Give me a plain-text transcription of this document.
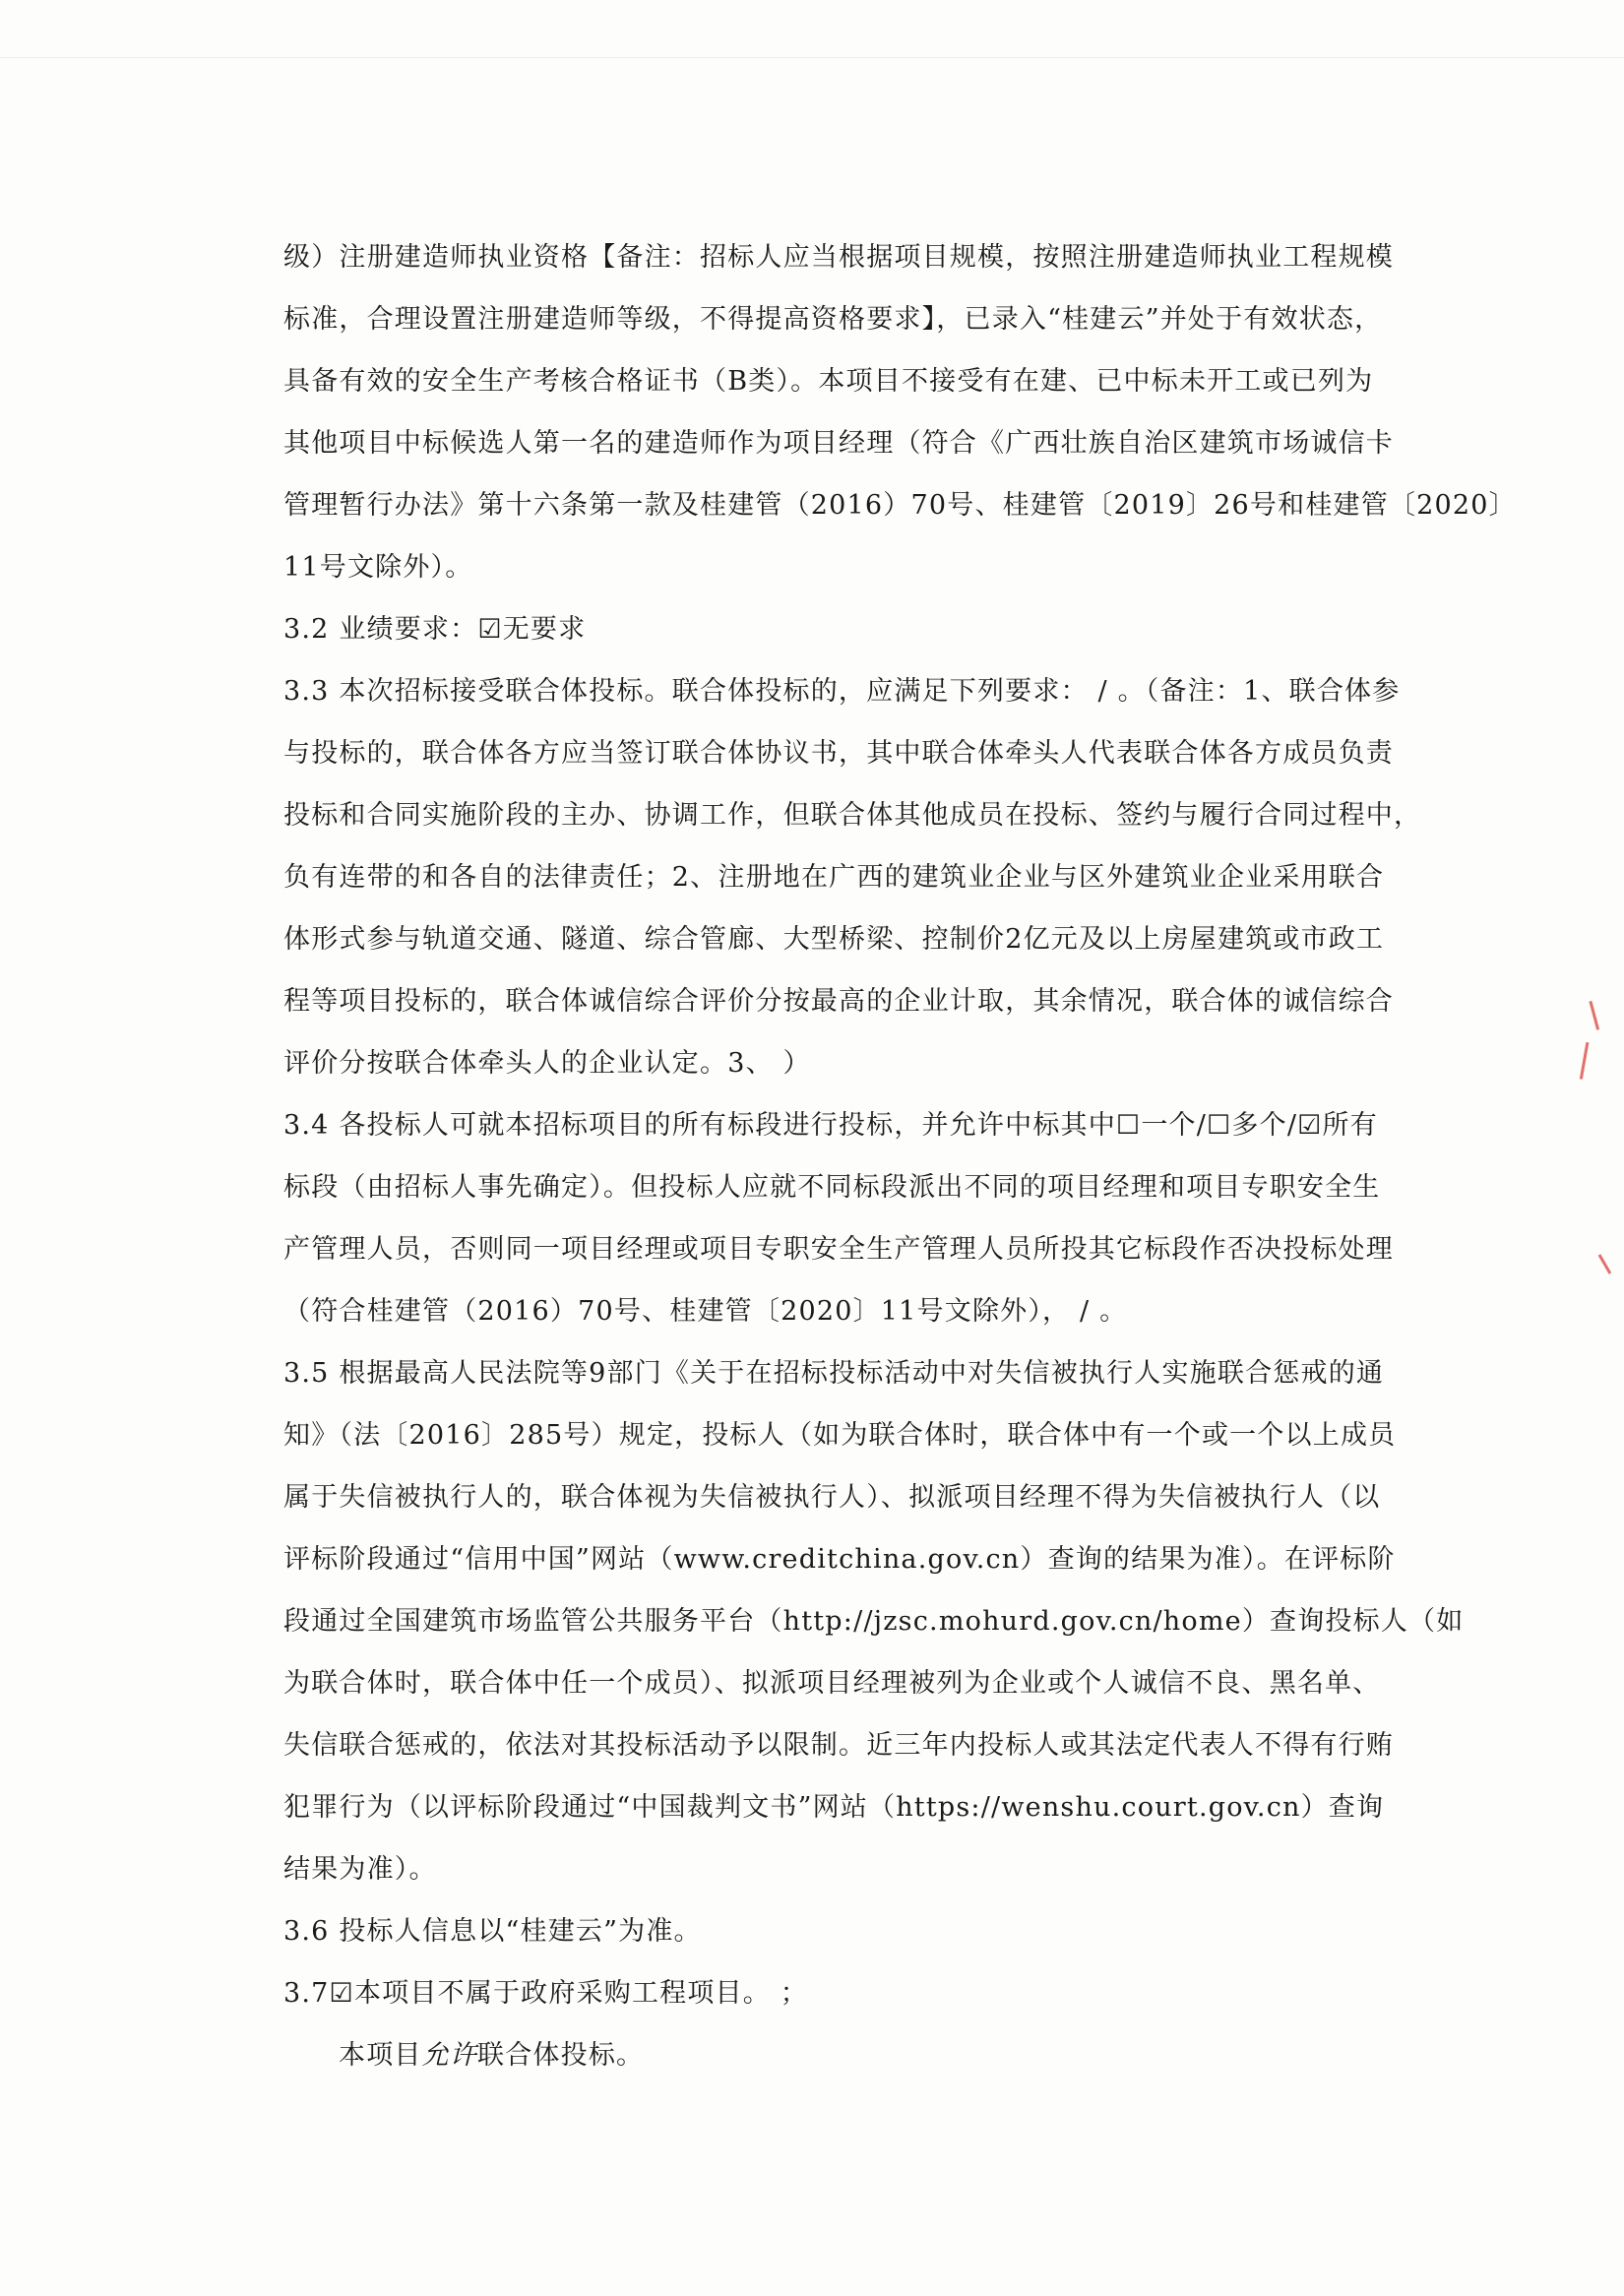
级）注册建造师执业资格【备注：招标人应当根据项目规模，按照注册建造师执业工程规模
标准，合理设置注册建造师等级，不得提高资格要求】，已录入“桂建云”并处于有效状态，
具备有效的安全生产考核合格证书（B类）。本项目不接受有在建、已中标未开工或已列为
其他项目中标候选人第一名的建造师作为项目经理（符合《广西壮族自治区建筑市场诚信卡
管理暂行办法》第十六条第一款及桂建管（2016）70号、桂建管〔2019〕26号和桂建管〔2020〕
11号文除外）。
3.2 业绩要求：☑无要求
3.3 本次招标接受联合体投标。联合体投标的，应满足下列要求： / 。（备注：1、联合体参
与投标的，联合体各方应当签订联合体协议书，其中联合体牵头人代表联合体各方成员负责
投标和合同实施阶段的主办、协调工作，但联合体其他成员在投标、签约与履行合同过程中，
负有连带的和各自的法律责任；2、注册地在广西的建筑业企业与区外建筑业企业采用联合
体形式参与轨道交通、隧道、综合管廊、大型桥梁、控制价2亿元及以上房屋建筑或市政工
程等项目投标的，联合体诚信综合评价分按最高的企业计取，其余情况，联合体的诚信综合
评价分按联合体牵头人的企业认定。3、 ）
3.4 各投标人可就本招标项目的所有标段进行投标，并允许中标其中☐一个/☐多个/☑所有
标段（由招标人事先确定）。但投标人应就不同标段派出不同的项目经理和项目专职安全生
产管理人员，否则同一项目经理或项目专职安全生产管理人员所投其它标段作否决投标处理
（符合桂建管（2016）70号、桂建管〔2020〕11号文除外）， / 。
3.5 根据最高人民法院等9部门《关于在招标投标活动中对失信被执行人实施联合惩戒的通
知》（法〔2016〕285号）规定，投标人（如为联合体时，联合体中有一个或一个以上成员
属于失信被执行人的，联合体视为失信被执行人）、拟派项目经理不得为失信被执行人（以
评标阶段通过“信用中国”网站（www.creditchina.gov.cn）查询的结果为准）。在评标阶
段通过全国建筑市场监管公共服务平台（http://jzsc.mohurd.gov.cn/home）查询投标人（如
为联合体时，联合体中任一个成员）、拟派项目经理被列为企业或个人诚信不良、黑名单、
失信联合惩戒的，依法对其投标活动予以限制。近三年内投标人或其法定代表人不得有行贿
犯罪行为（以评标阶段通过“中国裁判文书”网站（https://wenshu.court.gov.cn）查询
结果为准）。
3.6 投标人信息以“桂建云”为准。
3.7☑本项目不属于政府采购工程项目。 ；
本项目允许联合体投标。
